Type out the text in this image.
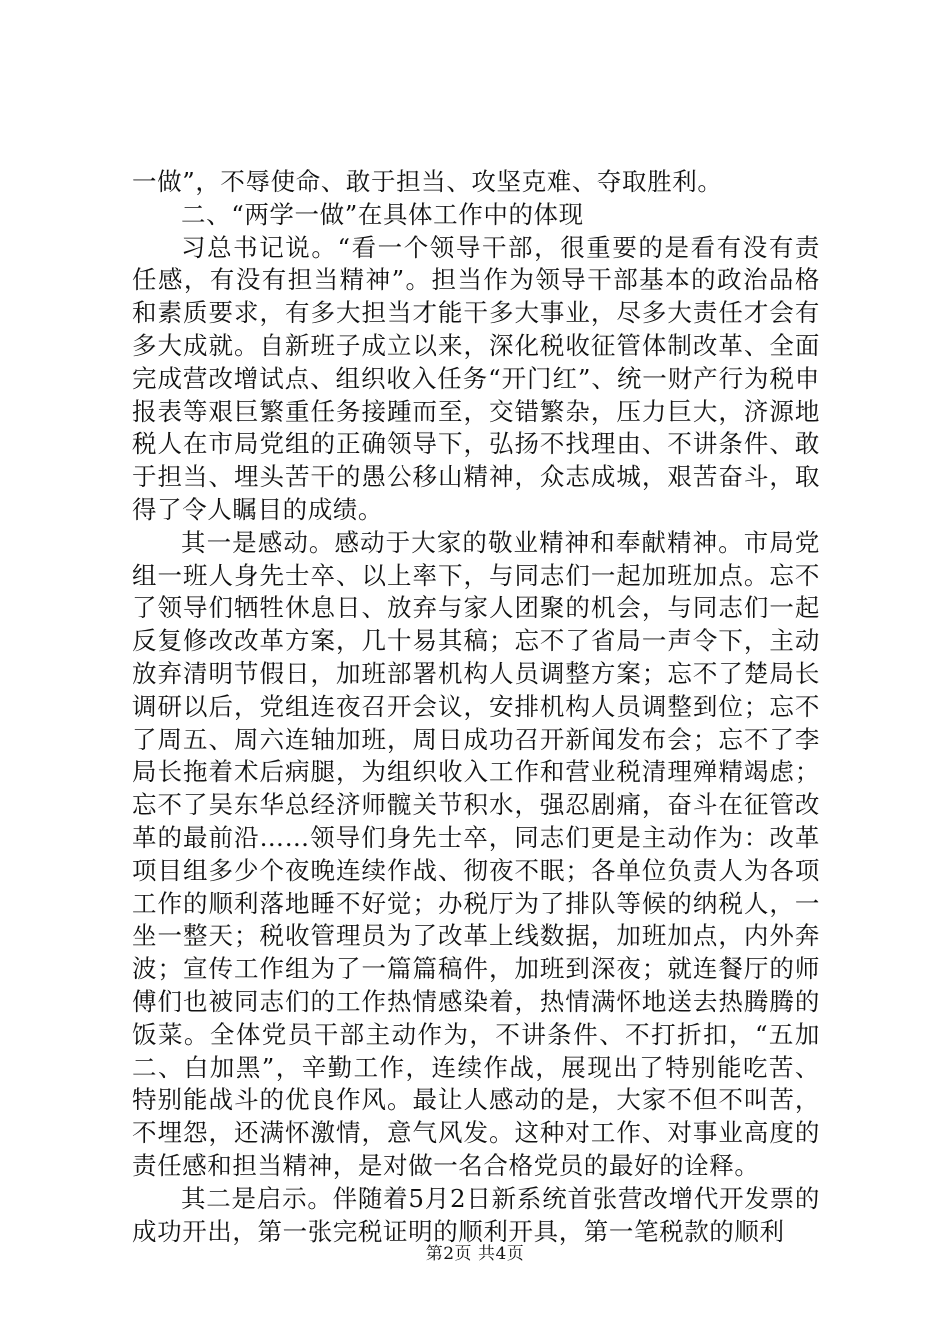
一做”，不辱使命、敢于担当、攻坚克难、夺取胜利。

二、“两学一做”在具体工作中的体现

习总书记说。“看一个领导干部，很重要的是看有没有责任感，有没有担当精神”。担当作为领导干部基本的政治品格和素质要求，有多大担当才能干多大事业，尽多大责任才会有多大成就。自新班子成立以来，深化税收征管体制改革、全面完成营改增试点、组织收入任务“开门红”、统一财产行为税申报表等艰巨繁重任务接踵而至，交错繁杂，压力巨大，济源地税人在市局党组的正确领导下，弘扬不找理由、不讲条件、敢于担当、埋头苦干的愚公移山精神，众志成城，艰苦奋斗，取得了令人瞩目的成绩。

其一是感动。感动于大家的敬业精神和奉献精神。市局党组一班人身先士卒、以上率下，与同志们一起加班加点。忘不了领导们牺牲休息日、放弃与家人团聚的机会，与同志们一起反复修改改革方案，几十易其稿；忘不了省局一声令下，主动放弃清明节假日，加班部署机构人员调整方案；忘不了楚局长调研以后，党组连夜召开会议，安排机构人员调整到位；忘不了周五、周六连轴加班，周日成功召开新闻发布会；忘不了李局长拖着术后病腿，为组织收入工作和营业税清理殚精竭虑；忘不了吴东华总经济师髋关节积水，强忍剧痛，奋斗在征管改革的最前沿……领导们身先士卒，同志们更是主动作为：改革项目组多少个夜晚连续作战、彻夜不眠；各单位负责人为各项工作的顺利落地睡不好觉；办税厅为了排队等候的纳税人，一坐一整天；税收管理员为了改革上线数据，加班加点，内外奔波；宣传工作组为了一篇篇稿件，加班到深夜；就连餐厅的师傅们也被同志们的工作热情感染着，热情满怀地送去热腾腾的饭菜。全体党员干部主动作为，不讲条件、不打折扣，“五加二、白加黑”，辛勤工作，连续作战，展现出了特别能吃苦、特别能战斗的优良作风。最让人感动的是，大家不但不叫苦，不埋怨，还满怀激情，意气风发。这种对工作、对事业高度的责任感和担当精神，是对做一名合格党员的最好的诠释。

其二是启示。伴随着5月2日新系统首张营改增代开发票的成功开出，第一张完税证明的顺利开具，第一笔税款的顺利

第2页 共4页
